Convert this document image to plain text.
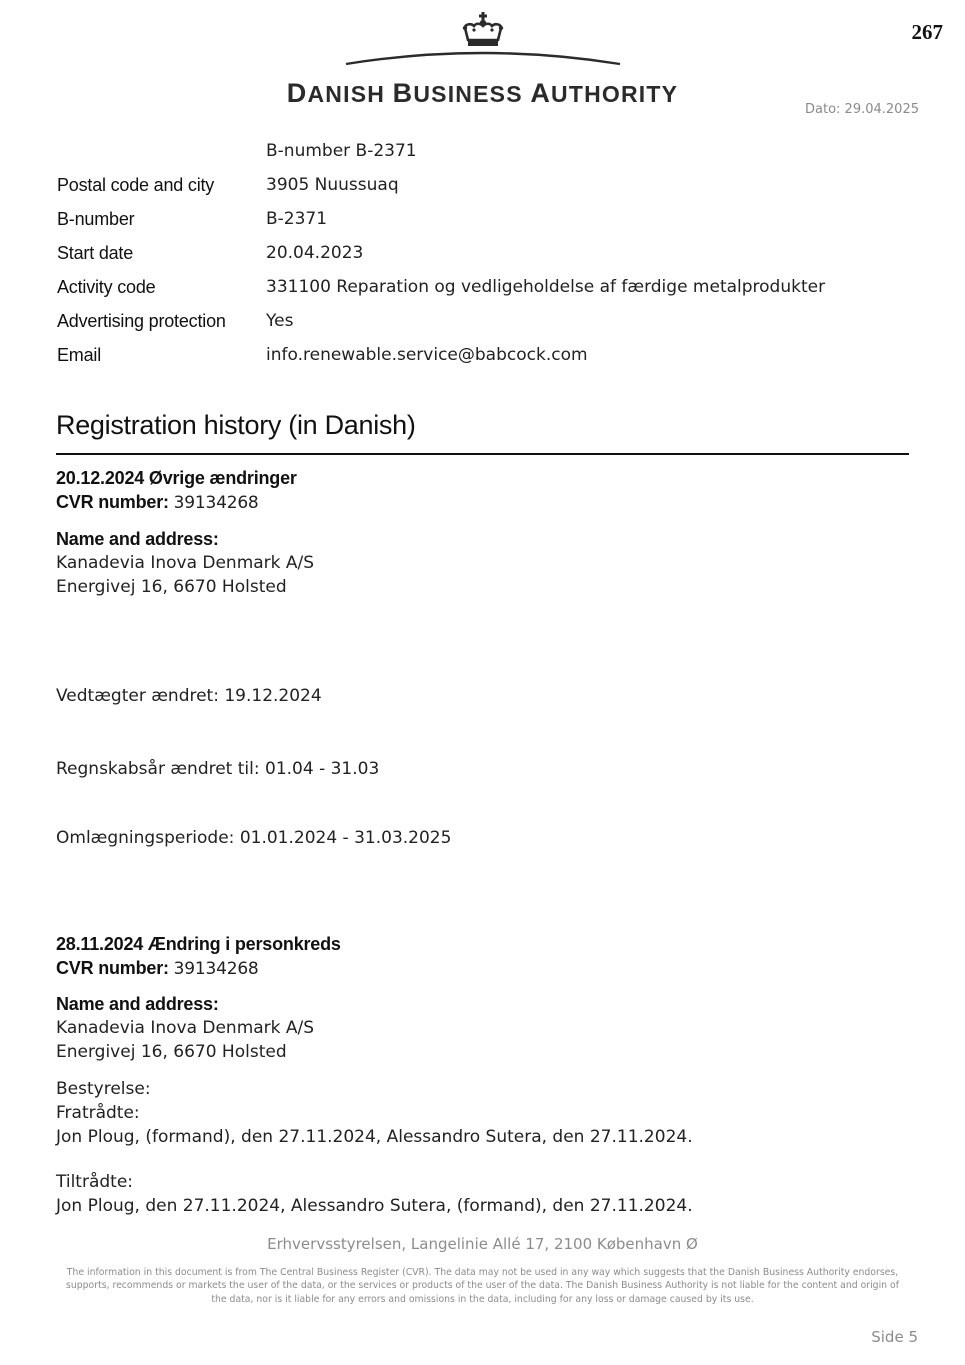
267
DANISH BUSINESS AUTHORITY
Dato: 29.04.2025
B-number B-2371
Postal code and city	3905 Nuussuaq
B-number	B-2371
Start date	20.04.2023
Activity code	331100 Reparation og vedligeholdelse af færdige metalprodukter
Advertising protection Yes
Email	info.renewable.service@babcock.com
Registration history (in Danish)
20.12.2024 Øvrige ændringer
CVR number: 39134268
Name and address:
Kanadevia Inova Denmark A/S
Energivej 16, 6670 Holsted
Vedtægter ændret: 19.12.2024
Regnskabsår ændret til: 01.04 - 31.03
Omlægningsperiode: 01.01.2024 - 31.03.2025
28.11.2024 Ændring i personkreds
CVR number: 39134268
Name and address:
Kanadevia Inova Denmark A/S
Energivej 16, 6670 Holsted
Bestyrelse:
Fratrådte:
Jon Ploug, (formand), den 27.11.2024, Alessandro Sutera, den 27.11.2024.
Tiltrådte:
Jon Ploug, den 27.11.2024, Alessandro Sutera, (formand), den 27.11.2024.
Erhvervsstyrelsen, Langelinie Allé 17, 2100 København Ø
The information in this document is from The Central Business Register (CVR). The data may not be used in any way which suggests that the Danish Business Authority endorses, supports, recommends or markets the user of the data, or the services or products of the user of the data. The Danish Business Authority is not liable for the content and origin of the data, nor is it liable for any errors and omissions in the data, including for any loss or damage caused by its use.
Side 5
